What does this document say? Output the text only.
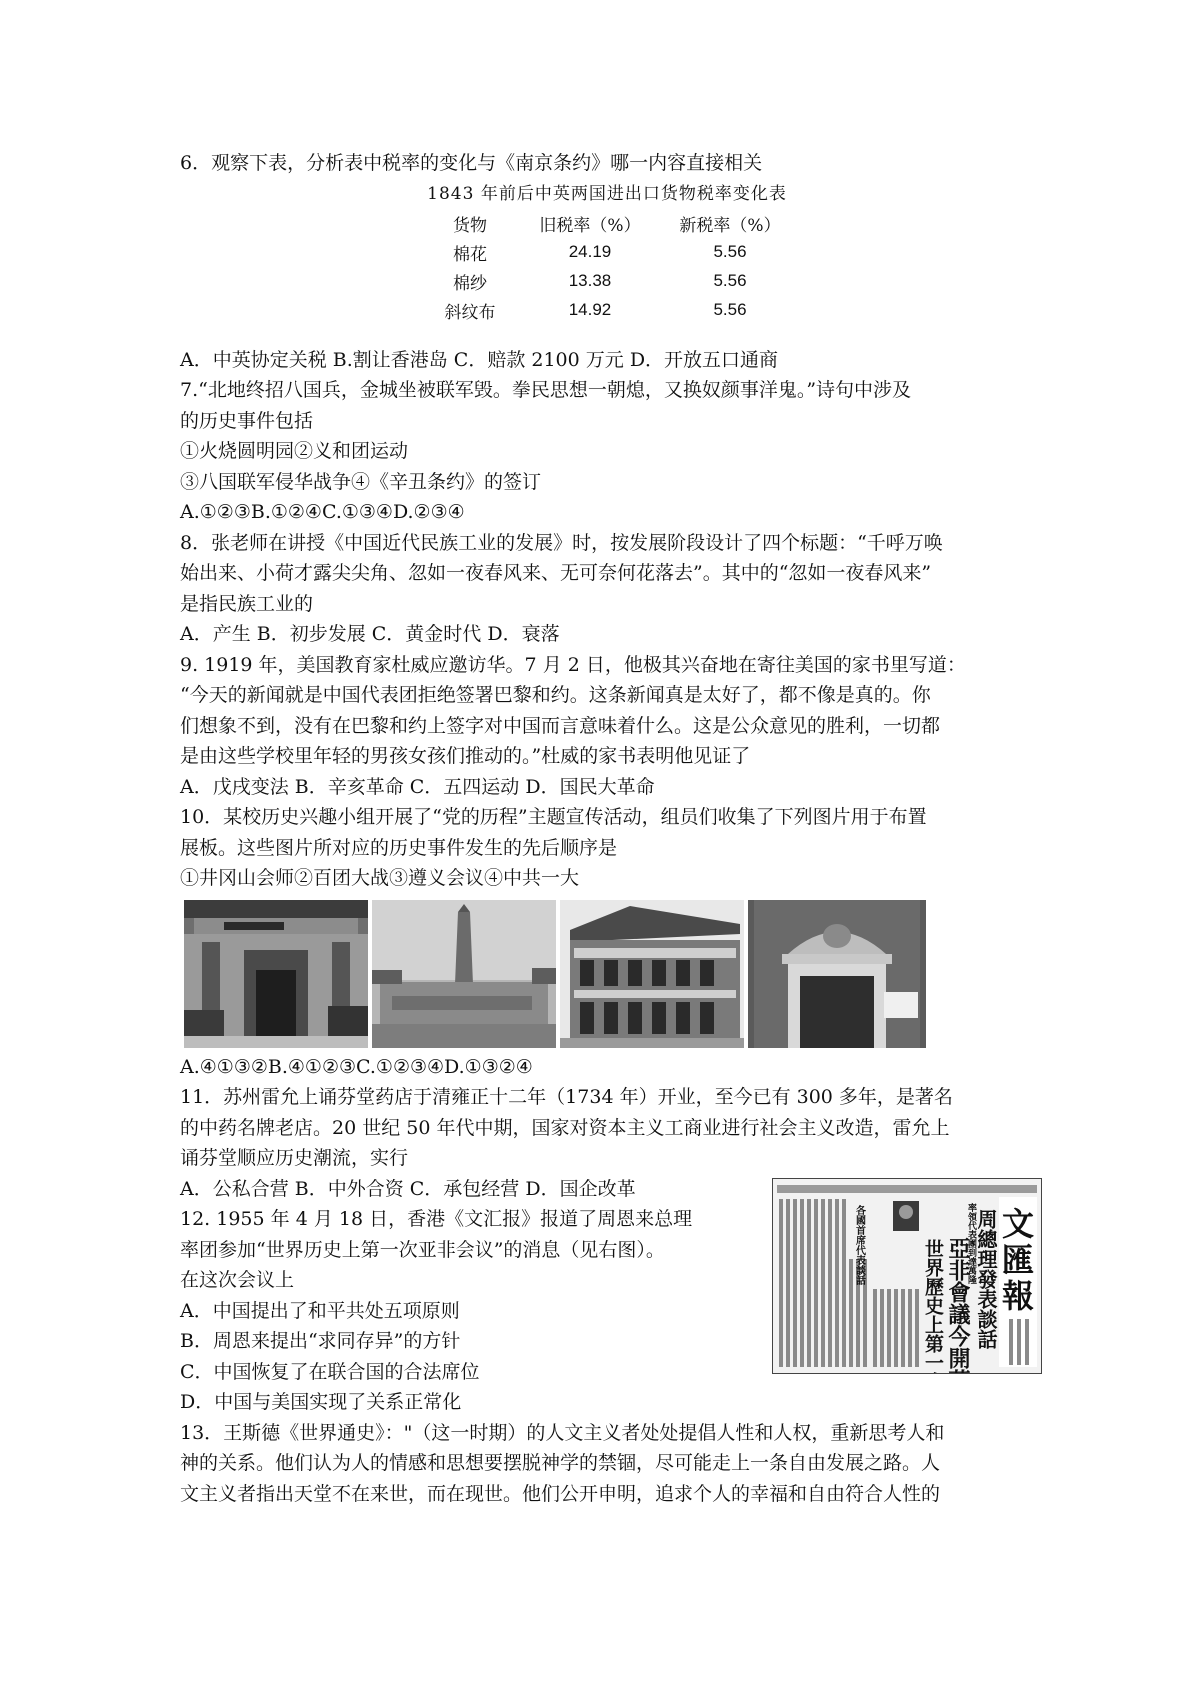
6．观察下表，分析表中税率的变化与《南京条约》哪一内容直接相关
1843 年前后中英两国进出口货物税率变化表
货物	旧税率（%）	新税率（%）
棉花	24.19	5.56
棉纱	13.38	5.56
斜纹布	14.92	5.56
A．中英协定关税 B.割让香港岛 C．赔款 2100 万元 D．开放五口通商
7.“北地终招八国兵，金城坐被联军毁。拳民思想一朝熄，又换奴颜事洋鬼。”诗句中涉及
的历史事件包括
①火烧圆明园②义和团运动
③八国联军侵华战争④《辛丑条约》的签订
A.①②③B.①②④C.①③④D.②③④
8．张老师在讲授《中国近代民族工业的发展》时，按发展阶段设计了四个标题：“千呼万唤
始出来、小荷才露尖尖角、忽如一夜春风来、无可奈何花落去”。其中的“忽如一夜春风来”
是指民族工业的
A．产生 B．初步发展 C．黄金时代 D．衰落
9. 1919 年，美国教育家杜威应邀访华。7 月 2 日，他极其兴奋地在寄往美国的家书里写道：
“今天的新闻就是中国代表团拒绝签署巴黎和约。这条新闻真是太好了，都不像是真的。你
们想象不到，没有在巴黎和约上签字对中国而言意味着什么。这是公众意见的胜利，一切都
是由这些学校里年轻的男孩女孩们推动的。”杜威的家书表明他见证了
A．戊戌变法 B．辛亥革命 C．五四运动 D．国民大革命
10．某校历史兴趣小组开展了“党的历程”主题宣传活动，组员们收集了下列图片用于布置
展板。这些图片所对应的历史事件发生的先后顺序是
①井冈山会师②百团大战③遵义会议④中共一大
A.④①③②B.④①②③C.①②③④D.①③②④
11．苏州雷允上诵芬堂药店于清雍正十二年（1734 年）开业，至今已有 300 多年，是著名
的中药名牌老店。20 世纪 50 年代中期，国家对资本主义工商业进行社会主义改造，雷允上
诵芬堂顺应历史潮流，实行
文
匯
報
周總理發表談話
世界歷史上第一次 亞非會議今開幕
率領代表團到達萬隆
各國首席代表談話
A．公私合营 B．中外合资 C．承包经营 D．国企改革
12. 1955 年 4 月 18 日，香港《文汇报》报道了周恩来总理
率团参加“世界历史上第一次亚非会议”的消息（见右图）。
在这次会议上
A．中国提出了和平共处五项原则
B．周恩来提出“求同存异”的方针
C．中国恢复了在联合国的合法席位
D．中国与美国实现了关系正常化
13．王斯德《世界通史》："（这一时期）的人文主义者处处提倡人性和人权，重新思考人和
神的关系。他们认为人的情感和思想要摆脱神学的禁锢，尽可能走上一条自由发展之路。人
文主义者指出天堂不在来世，而在现世。他们公开申明，追求个人的幸福和自由符合人性的
